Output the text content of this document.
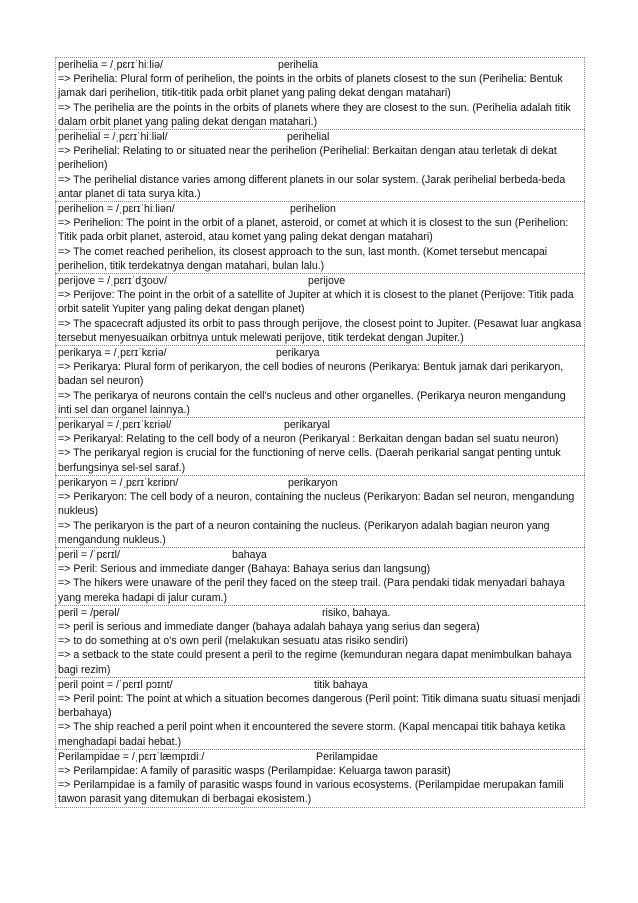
perihelia = /ˌpɛrɪˈhiːliə/	perihelia
=> Perihelia: Plural form of perihelion, the points in the orbits of planets closest to the sun (Perihelia: Bentuk jamak dari perihelion, titik-titik pada orbit planet yang paling dekat dengan matahari)
=> The perihelia are the points in the orbits of planets where they are closest to the sun. (Perihelia adalah titik dalam orbit planet yang paling dekat dengan matahari.)
perihelial = /ˌpɛrɪˈhiːliəl/	perihelial
=> Perihelial: Relating to or situated near the perihelion (Perihelial: Berkaitan dengan atau terletak di dekat perihelion)
=> The perihelial distance varies among different planets in our solar system. (Jarak perihelial berbeda-beda antar planet di tata surya kita.)
perihelion = /ˌpɛrɪˈhiːliən/	perihelion
=> Perihelion: The point in the orbit of a planet, asteroid, or comet at which it is closest to the sun (Perihelion: Titik pada orbit planet, asteroid, atau komet yang paling dekat dengan matahari)
=> The comet reached perihelion, its closest approach to the sun, last month. (Komet tersebut mencapai perihelion, titik terdekatnya dengan matahari, bulan lalu.)
perijove = /ˌpɛrɪˈdʒoʊv/	perijove
=> Perijove: The point in the orbit of a satellite of Jupiter at which it is closest to the planet (Perijove: Titik pada orbit satelit Yupiter yang paling dekat dengan planet)
=> The spacecraft adjusted its orbit to pass through perijove, the closest point to Jupiter. (Pesawat luar angkasa tersebut menyesuaikan orbitnya untuk melewati perijove, titik terdekat dengan Jupiter.)
perikarya = /ˌpɛrɪˈkɛriə/	perikarya
=> Perikarya: Plural form of perikaryon, the cell bodies of neurons (Perikarya: Bentuk jamak dari perikaryon, badan sel neuron)
=> The perikarya of neurons contain the cell's nucleus and other organelles. (Perikarya neuron mengandung inti sel dan organel lainnya.)
perikaryal = /ˌpɛrɪˈkɛriəl/	perikaryal
=> Perikaryal: Relating to the cell body of a neuron (Perikaryal : Berkaitan dengan badan sel suatu neuron)
=> The perikaryal region is crucial for the functioning of nerve cells. (Daerah perikarial sangat penting untuk berfungsinya sel-sel saraf.)
perikaryon = /ˌpɛrɪˈkɛriɒn/	perikaryon
=> Perikaryon: The cell body of a neuron, containing the nucleus (Perikaryon: Badan sel neuron, mengandung nukleus)
=> The perikaryon is the part of a neuron containing the nucleus. (Perikaryon adalah bagian neuron yang mengandung nukleus.)
peril = /ˈpɛrɪl/	bahaya
=> Peril: Serious and immediate danger (Bahaya: Bahaya serius dan langsung)
=> The hikers were unaware of the peril they faced on the steep trail. (Para pendaki tidak menyadari bahaya yang mereka hadapi di jalur curam.)
peril = /perəl/	risiko, bahaya.
=> peril is serious and immediate danger (bahaya adalah bahaya yang serius dan segera)
=> to do something at o's own peril (melakukan sesuatu atas risiko sendiri)
=> a setback to the state could present a peril to the regime (kemunduran negara dapat menimbulkan bahaya bagi rezim)
peril point = /ˈpɛrɪl pɔɪnt/	titik bahaya
=> Peril point: The point at which a situation becomes dangerous (Peril point: Titik dimana suatu situasi menjadi berbahaya)
=> The ship reached a peril point when it encountered the severe storm. (Kapal mencapai titik bahaya ketika menghadapi badai hebat.)
Perilampidae = /ˌpɛrɪˈlæmpɪdiː/	Perilampidae
=> Perilampidae: A family of parasitic wasps (Perilampidae: Keluarga tawon parasit)
=> Perilampidae is a family of parasitic wasps found in various ecosystems. (Perilampidae merupakan famili tawon parasit yang ditemukan di berbagai ekosistem.)
